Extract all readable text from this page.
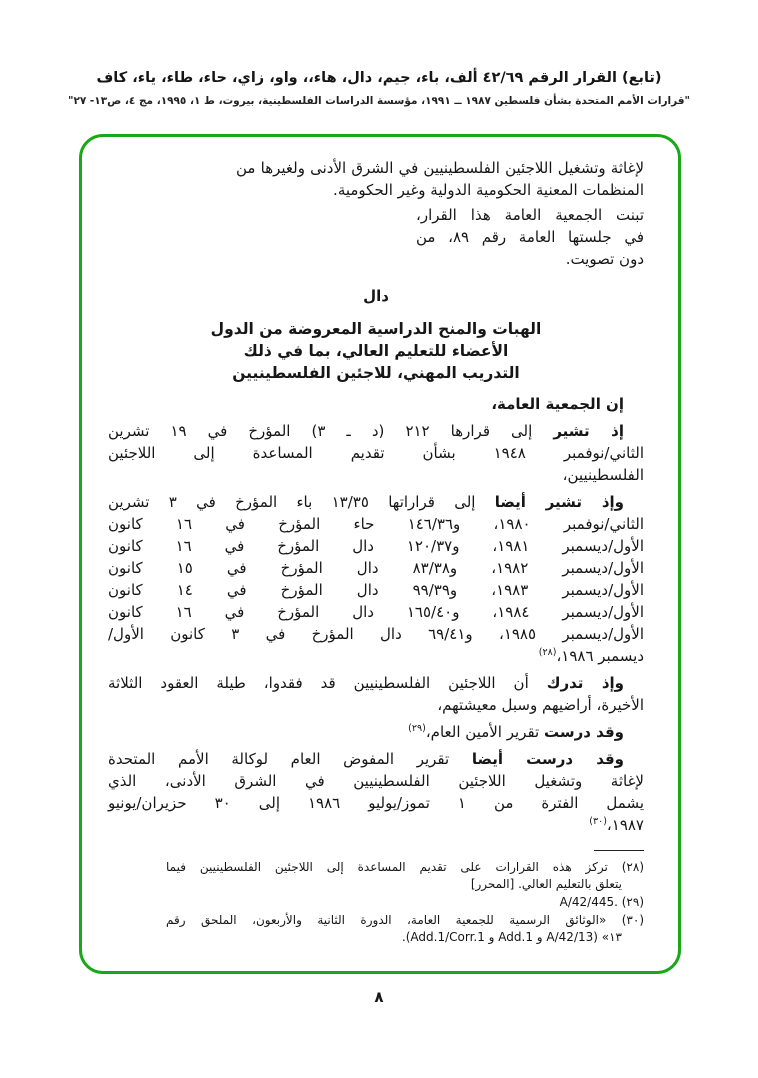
(تابع) القرار الرقم ٤٢/٦٩ ألف، باء، جيم، دال، هاء،، واو، زاي، حاء، طاء، ياء، كاف
"قرارات الأمم المتحدة بشأن فلسطين ١٩٨٧ ــ ١٩٩١، مؤسسة الدراسات الفلسطينية، بيروت، ط ١، ١٩٩٥، مج ٤، ص١٣- ٢٧"
لإغاثة وتشغيل اللاجئين الفلسطينيين في الشرق الأدنى ولغيرها من
المنظمات المعنية الحكومية الدولية وغير الحكومية.
تبنت الجمعية العامة هذا القرار،
في جلستها العامة رقم ٨٩، من
دون تصويت.
دال
الهبات والمنح الدراسية المعروضة من الدول
الأعضاء للتعليم العالي، بما في ذلك
التدريب المهني، للاجئين الفلسطينيين
إن الجمعية العامة،
إذ تشير إلى قرارها ٢١٢ (د ـ ٣) المؤرخ في ١٩ تشرين
الثاني/نوفمبر ١٩٤٨ بشأن تقديم المساعدة إلى اللاجئين
الفلسطينيين،
وإذ تشير أيضا إلى قراراتها ١٣/٣٥ باء المؤرخ في ٣ تشرين
الثاني/نوفمبر ١٩٨٠، و١٤٦/٣٦ حاء المؤرخ في ١٦ كانون
الأول/ديسمبر ١٩٨١، و١٢٠/٣٧ دال المؤرخ في ١٦ كانون
الأول/ديسمبر ١٩٨٢، و٨٣/٣٨ دال المؤرخ في ١٥ كانون
الأول/ديسمبر ١٩٨٣، و٩٩/٣٩ دال المؤرخ في ١٤ كانون
الأول/ديسمبر ١٩٨٤، و١٦٥/٤٠ دال المؤرخ في ١٦ كانون
الأول/ديسمبر ١٩٨٥، و٦٩/٤١ دال المؤرخ في ٣ كانون الأول/
ديسمبر ١٩٨٦،$^{(٢٨)}$
وإذ تدرك أن اللاجئين الفلسطينيين قد فقدوا، طيلة العقود الثلاثة
الأخيرة، أراضيهم وسبل معيشتهم،
وقد درست تقرير الأمين العام،$^{(٢٩)}$
وقد درست أيضا تقرير المفوض العام لوكالة الأمم المتحدة
لإغاثة وتشغيل اللاجئين الفلسطينيين في الشرق الأدنى، الذي
يشمل الفترة من ١ تموز/يوليو ١٩٨٦ إلى ٣٠ حزيران/يونيو
١٩٨٧،$^{(٣٠)}$
(٢٨) تركز هذه القرارات على تقديم المساعدة إلى اللاجئين الفلسطينيين فيما
يتعلق بالتعليم العالي. [المحرر]
(٢٩) A/42/445.‎
(٣٠) «الوثائق الرسمية للجمعية العامة، الدورة الثانية والأربعون، الملحق رقم
١٣» (A/42/13 و Add.1 و Add.1/Corr.1).
٨
